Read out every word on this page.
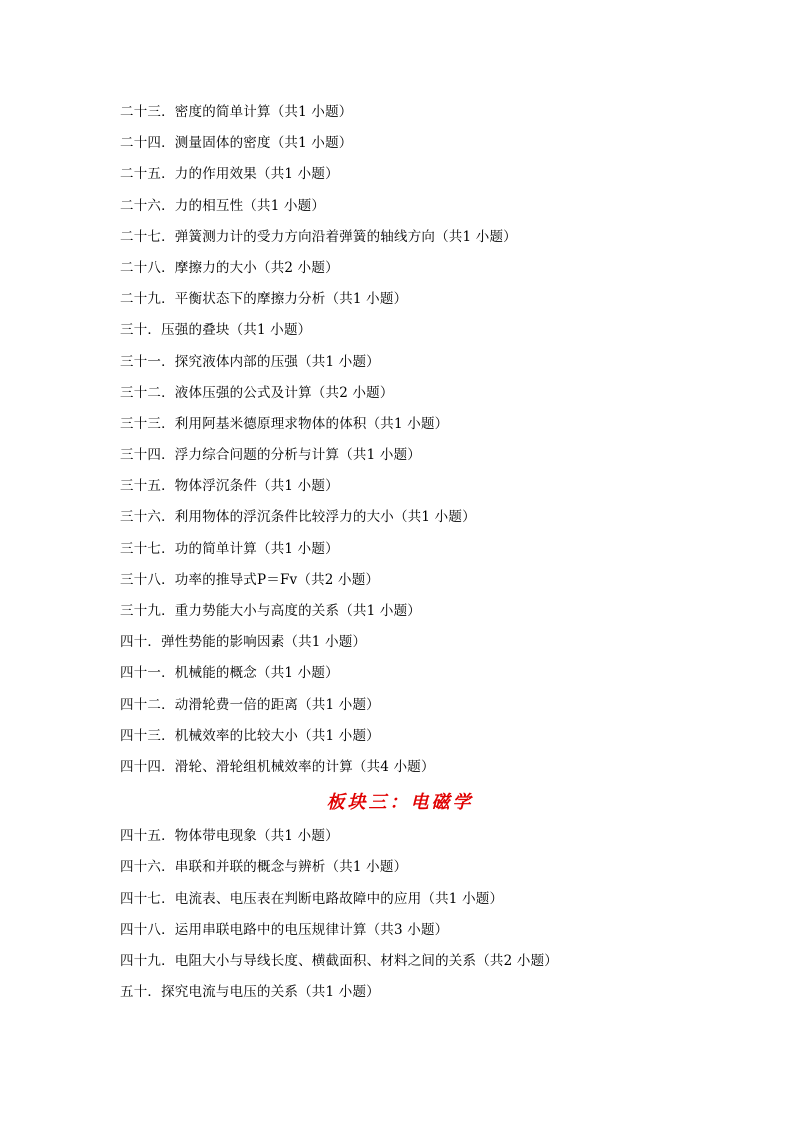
二十三．密度的简单计算（共1 小题）
二十四．测量固体的密度（共1 小题）
二十五．力的作用效果（共1 小题）
二十六．力的相互性（共1 小题）
二十七．弹簧测力计的受力方向沿着弹簧的轴线方向（共1 小题）
二十八．摩擦力的大小（共2 小题）
二十九．平衡状态下的摩擦力分析（共1 小题）
三十．压强的叠块（共1 小题）
三十一．探究液体内部的压强（共1 小题）
三十二．液体压强的公式及计算（共2 小题）
三十三．利用阿基米德原理求物体的体积（共1 小题）
三十四．浮力综合问题的分析与计算（共1 小题）
三十五．物体浮沉条件（共1 小题）
三十六．利用物体的浮沉条件比较浮力的大小（共1 小题）
三十七．功的简单计算（共1 小题）
三十八．功率的推导式P＝Fv（共2 小题）
三十九．重力势能大小与高度的关系（共1 小题）
四十．弹性势能的影响因素（共1 小题）
四十一．机械能的概念（共1 小题）
四十二．动滑轮费一倍的距离（共1 小题）
四十三．机械效率的比较大小（共1 小题）
四十四．滑轮、滑轮组机械效率的计算（共4 小题）
板块三：电磁学
四十五．物体带电现象（共1 小题）
四十六．串联和并联的概念与辨析（共1 小题）
四十七．电流表、电压表在判断电路故障中的应用（共1 小题）
四十八．运用串联电路中的电压规律计算（共3 小题）
四十九．电阻大小与导线长度、横截面积、材料之间的关系（共2 小题）
五十．探究电流与电压的关系（共1 小题）
